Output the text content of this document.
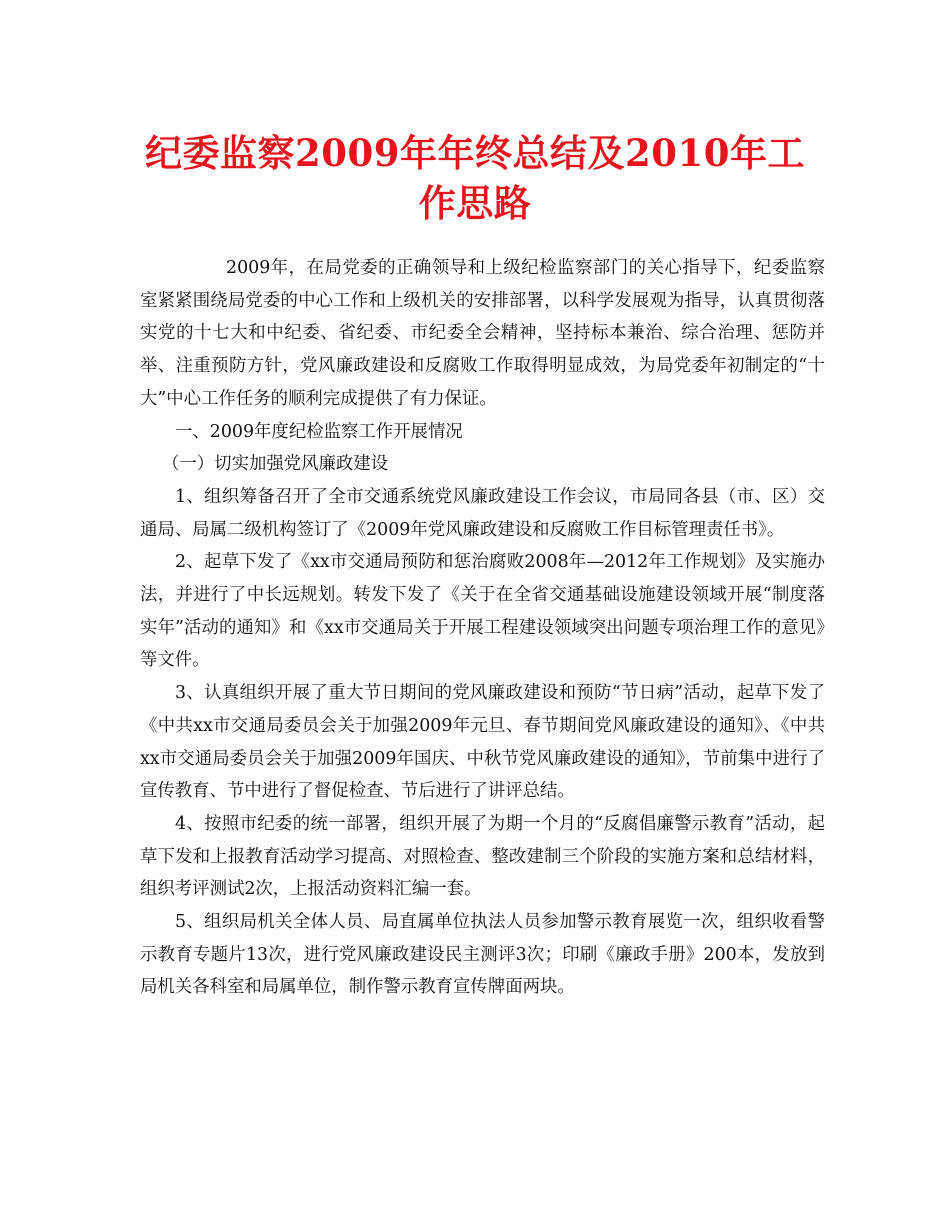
纪委监察2009年年终总结及2010年工作思路

2009年，在局党委的正确领导和上级纪检监察部门的关心指导下，纪委监察室紧紧围绕局党委的中心工作和上级机关的安排部署，以科学发展观为指导，认真贯彻落实党的十七大和中纪委、省纪委、市纪委全会精神，坚持标本兼治、综合治理、惩防并举、注重预防方针，党风廉政建设和反腐败工作取得明显成效，为局党委年初制定的“十大”中心工作任务的顺利完成提供了有力保证。

一、2009年度纪检监察工作开展情况

（一）切实加强党风廉政建设

1、组织筹备召开了全市交通系统党风廉政建设工作会议，市局同各县（市、区）交通局、局属二级机构签订了《2009年党风廉政建设和反腐败工作目标管理责任书》。

2、起草下发了《xx市交通局预防和惩治腐败2008年—2012年工作规划》及实施办法，并进行了中长远规划。转发下发了《关于在全省交通基础设施建设领域开展“制度落实年”活动的通知》和《xx市交通局关于开展工程建设领域突出问题专项治理工作的意见》等文件。

3、认真组织开展了重大节日期间的党风廉政建设和预防“节日病”活动，起草下发了《中共xx市交通局委员会关于加强2009年元旦、春节期间党风廉政建设的通知》、《中共xx市交通局委员会关于加强2009年国庆、中秋节党风廉政建设的通知》，节前集中进行了宣传教育、节中进行了督促检查、节后进行了讲评总结。

4、按照市纪委的统一部署，组织开展了为期一个月的“反腐倡廉警示教育”活动，起草下发和上报教育活动学习提高、对照检查、整改建制三个阶段的实施方案和总结材料，组织考评测试2次，上报活动资料汇编一套。

5、组织局机关全体人员、局直属单位执法人员参加警示教育展览一次，组织收看警示教育专题片13次，进行党风廉政建设民主测评3次；印刷《廉政手册》200本，发放到局机关各科室和局属单位，制作警示教育宣传牌面两块。
